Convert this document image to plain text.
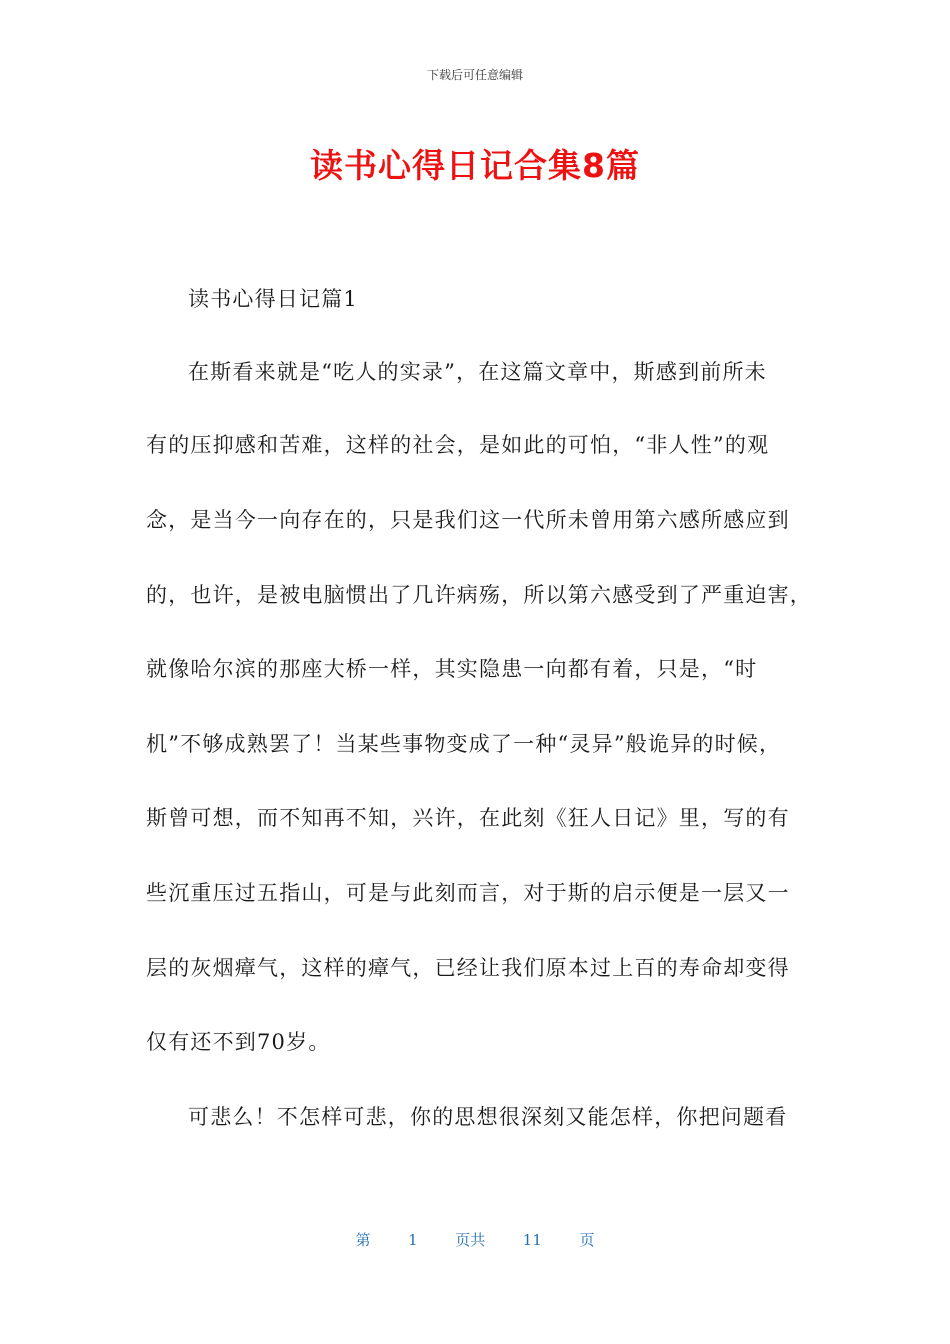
下载后可任意编辑
读书心得日记合集8篇
读书心得日记篇1
在斯看来就是“吃人的实录”，在这篇文章中，斯感到前所未
有的压抑感和苦难，这样的社会，是如此的可怕，“非人性”的观
念，是当今一向存在的，只是我们这一代所未曾用第六感所感应到
的，也许，是被电脑惯出了几许病殇，所以第六感受到了严重迫害，
就像哈尔滨的那座大桥一样，其实隐患一向都有着，只是，“时
机”不够成熟罢了！当某些事物变成了一种“灵异”般诡异的时候，
斯曾可想，而不知再不知，兴许，在此刻《狂人日记》里，写的有
些沉重压过五指山，可是与此刻而言，对于斯的启示便是一层又一
层的灰烟瘴气，这样的瘴气，已经让我们原本过上百的寿命却变得
仅有还不到70岁。
可悲么！不怎样可悲，你的思想很深刻又能怎样，你把问题看
第	1	页共	11	页
